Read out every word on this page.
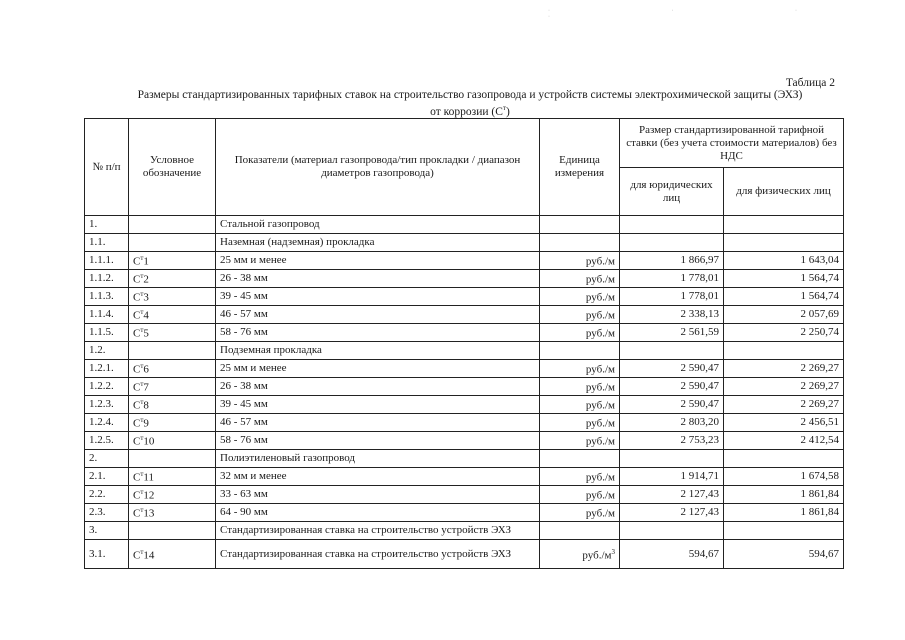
· · · ·
Таблица 2
Размеры стандартизированных тарифных ставок на строительство газопровода и устройств системы электрохимической защиты (ЭХЗ)
от коррозии $(С^т)$
№ п/п	Условное обозначение	Показатели (материал газопровода/тип прокладки / диапазон диаметров газопровода)	Единица измерения	Размер стандартизированной тарифной ставки (без учета стоимости материалов) без НДС	
				для юридических лиц	для физических лиц
1.		Стальной газопровод			
1.1.		Наземная (надземная) прокладка			
1.1.1.	$С^т1$	25 мм и менее	руб./м	1 866,97	1 643,04
1.1.2.	$С^т2$	26 - 38 мм	руб./м	1 778,01	1 564,74
1.1.3.	$С^т3$	39 - 45 мм	руб./м	1 778,01	1 564,74
1.1.4.	$С^т4$	46 - 57 мм	руб./м	2 338,13	2 057,69
1.1.5.	$С^т5$	58 - 76 мм	руб./м	2 561,59	2 250,74
1.2.		Подземная прокладка			
1.2.1.	$С^т6$	25 мм и менее	руб./м	2 590,47	2 269,27
1.2.2.	$С^т7$	26 - 38 мм	руб./м	2 590,47	2 269,27
1.2.3.	$С^т8$	39 - 45 мм	руб./м	2 590,47	2 269,27
1.2.4.	$С^т9$	46 - 57 мм	руб./м	2 803,20	2 456,51
1.2.5.	$С^т10$	58 - 76 мм	руб./м	2 753,23	2 412,54
2.		Полиэтиленовый газопровод			
2.1.	$С^т11$	32 мм и менее	руб./м	1 914,71	1 674,58
2.2.	$С^т12$	33 - 63 мм	руб./м	2 127,43	1 861,84
2.3.	$С^т13$	64 - 90 мм	руб./м	2 127,43	1 861,84
3.		Стандартизированная ставка на строительство устройств ЭХЗ			
3.1.	$С^т14$	Стандартизированная ставка на строительство устройств ЭХЗ	$руб./м^3$	594,67	594,67
